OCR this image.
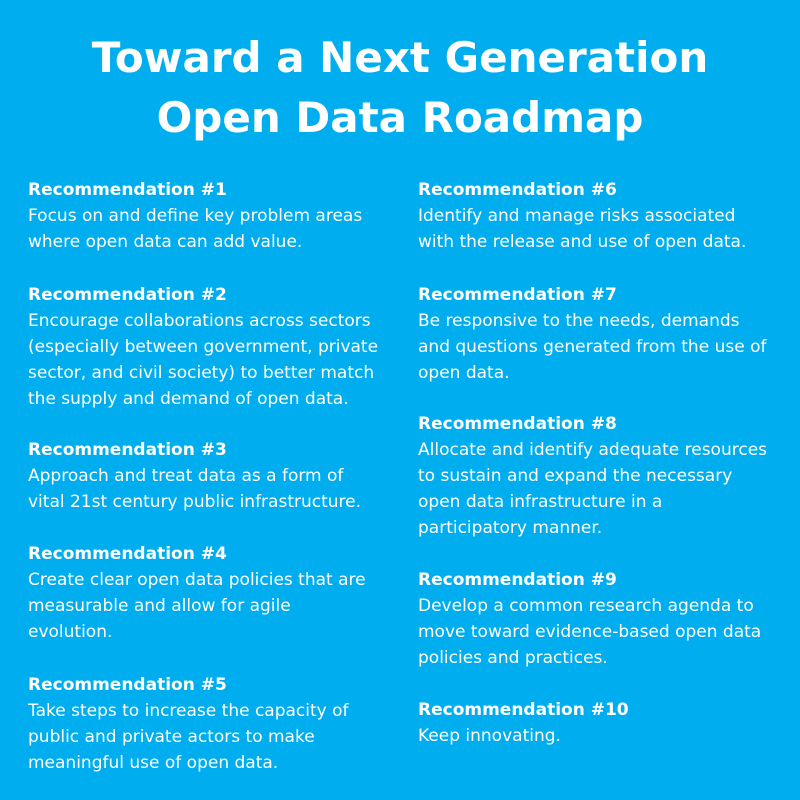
Toward a Next Generation
Open Data Roadmap
Recommendation #1
Focus on and define key problem areas
where open data can add value.
Recommendation #2
Encourage collaborations across sectors
(especially between government, private
sector, and civil society) to better match
the supply and demand of open data.
Recommendation #3
Approach and treat data as a form of
vital 21st century public infrastructure.
Recommendation #4
Create clear open data policies that are
measurable and allow for agile
evolution.
Recommendation #5
Take steps to increase the capacity of
public and private actors to make
meaningful use of open data.
Recommendation #6
Identify and manage risks associated
with the release and use of open data.
Recommendation #7
Be responsive to the needs, demands
and questions generated from the use of
open data.
Recommendation #8
Allocate and identify adequate resources
to sustain and expand the necessary
open data infrastructure in a
participatory manner.
Recommendation #9
Develop a common research agenda to
move toward evidence-based open data
policies and practices.
Recommendation #10
Keep innovating.
